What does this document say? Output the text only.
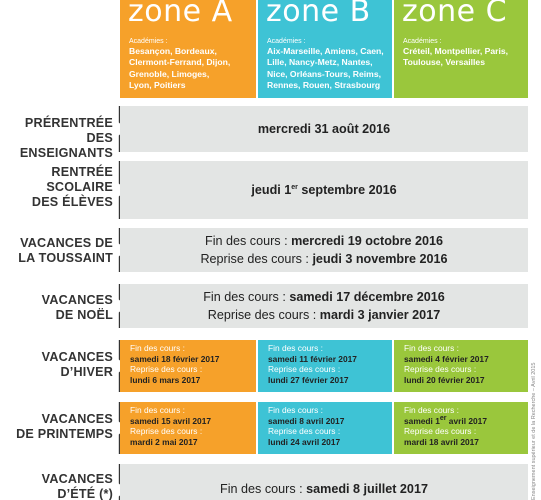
zone A
Académies :
Besançon, Bordeaux,
Clermont-Ferrand, Dijon,
Grenoble, Limoges,
Lyon, Poitiers
zone B
Académies :
Aix-Marseille, Amiens, Caen,
Lille, Nancy-Metz, Nantes,
Nice, Orléans-Tours, Reims,
Rennes, Rouen, Strasbourg
zone C
Académies :
Créteil, Montpellier, Paris,
Toulouse, Versailles
PRÉRENTRÉE DES
ENSEIGNANTS
mercredi 31 août 2016
RENTRÉE
SCOLAIRE
DES ÉLÈVES
jeudi 1er septembre 2016
VACANCES DE
LA TOUSSAINT
Fin des cours : mercredi 19 octobre 2016
Reprise des cours : jeudi 3 novembre 2016
VACANCES
DE NOËL
Fin des cours : samedi 17 décembre 2016
Reprise des cours : mardi 3 janvier 2017
VACANCES
D’HIVER
Fin des cours :
samedi 18 février 2017
Reprise des cours :
lundi 6 mars 2017
Fin des cours :
samedi 11 février 2017
Reprise des cours :
lundi 27 février 2017
Fin des cours :
samedi 4 février 2017
Reprise des cours :
lundi 20 février 2017
VACANCES
DE PRINTEMPS
Fin des cours :
samedi 15 avril 2017
Reprise des cours :
mardi 2 mai 2017
Fin des cours :
samedi 8 avril 2017
Reprise des cours :
lundi 24 avril 2017
Fin des cours :
samedi 1er avril 2017
Reprise des cours :
mardi 18 avril 2017
VACANCES
D’ÉTÉ (*)	Fin des cours : samedi 8 juillet 2017	Enseignement supérieur et de la Recherche – Avril 2015
